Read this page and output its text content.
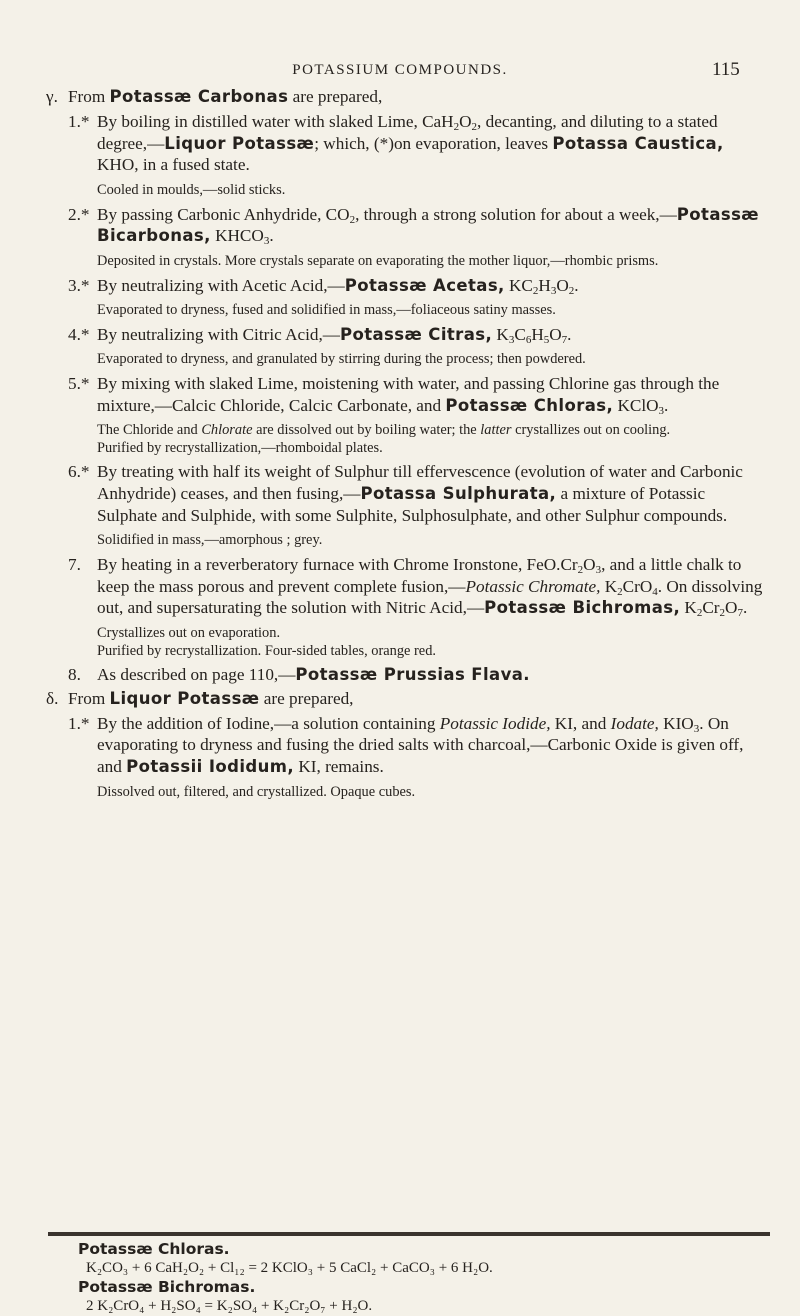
POTASSIUM COMPOUNDS.	115
γ. From Potassæ Carbonas are prepared,
1.* By boiling in distilled water with slaked Lime, $CaH_2O_2$, decanting, and diluting to a stated degree,—Liquor Potassæ; which, (*)on evaporation, leaves Potassa Caustica, KHO, in a fused state.
Cooled in moulds,—solid sticks.
2.* By passing Carbonic Anhydride, $CO_2$, through a strong solution for about a week,—Potassæ Bicarbonas, $KHCO_3$.
Deposited in crystals. More crystals separate on evaporating the mother liquor,—rhombic prisms.
3.* By neutralizing with Acetic Acid,—Potassæ Acetas, $KC_2H_3O_2$.
Evaporated to dryness, fused and solidified in mass,—foliaceous satiny masses.
4.* By neutralizing with Citric Acid,—Potassæ Citras, $K_3C_6H_5O_7$.
Evaporated to dryness, and granulated by stirring during the process; then powdered.
5.* By mixing with slaked Lime, moistening with water, and passing Chlorine gas through the mixture,—Calcic Chloride, Calcic Carbonate, and Potassæ Chloras, KClO$_3$.
The Chloride and Chlorate are dissolved out by boiling water; the latter crystallizes out on cooling.
Purified by recrystallization,—rhomboidal plates.
6.* By treating with half its weight of Sulphur till effervescence (evolution of water and Carbonic Anhydride) ceases, and then fusing,—Potassa Sulphurata, a mixture of Potassic Sulphate and Sulphide, with some Sulphite, Sulphosulphate, and other Sulphur compounds.
Solidified in mass,—amorphous ; grey.
7. By heating in a reverberatory furnace with Chrome Ironstone, $FeO.Cr_2O_3$, and a little chalk to keep the mass porous and prevent complete fusion,—Potassic Chromate, $K_2CrO_4$. On dissolving out, and supersaturating the solution with Nitric Acid,—Potassæ Bichromas, $K_2Cr_2O_7$.
Crystallizes out on evaporation.
Purified by recrystallization. Four-sided tables, orange red.
8. As described on page 110,—Potassæ Prussias Flava.
δ. From Liquor Potassæ are prepared,
1.* By the addition of Iodine,—a solution containing Potassic Iodide, KI, and Iodate, $KIO_3$. On evaporating to dryness and fusing the dried salts with charcoal,—Carbonic Oxide is given off, and Potassii Iodidum, KI, remains.
Dissolved out, filtered, and crystallized. Opaque cubes.
Potassæ Chloras.
K₂CO₃ + 6 CaH₂O₂ + Cl₁₂ = 2 KClO₃ + 5 CaCl₂ + CaCO₃ + 6 H₂O.
Potassæ Bichromas.
2 K₂CrO₄ + H₂SO₄ = K₂SO₄ + K₂Cr₂O₇ + H₂O.
